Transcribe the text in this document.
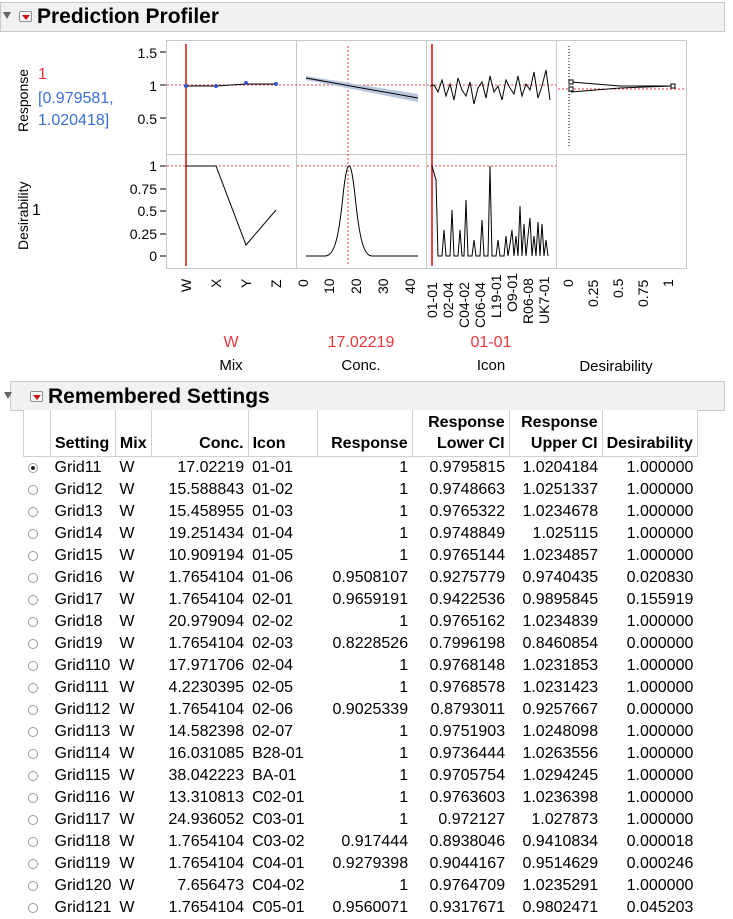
Prediction Profiler
Response 1
[0.979581,
1.020418]
Desirability 1
1.5
1
0.5
1
0.75
0.5
0.25
0
W X Y Z 0 10 20 30 40 01-01 02-04 C04-02 C06-04 L19-01 O9-01 R06-08 UK7-01 0 0.25 0.5 0.75 1
W
Mix
17.02219
Conc.
01-01
Icon	Desirability
Remembered Settings
	Setting	Mix	Conc.	Icon	Response	Response Lower CI	Response Upper CI	Desirability
	Grid11	W	17.02219	01-01	1	0.9795815	1.0204184	1.000000
	Grid12	W	15.588843	01-02	1	0.9748663	1.0251337	1.000000
	Grid13	W	15.458955	01-03	1	0.9765322	1.0234678	1.000000
	Grid14	W	19.251434	01-04	1	0.9748849	1.025115	1.000000
	Grid15	W	10.909194	01-05	1	0.9765144	1.0234857	1.000000
	Grid16	W	1.7654104	01-06	0.9508107	0.9275779	0.9740435	0.020830
	Grid17	W	1.7654104	02-01	0.9659191	0.9422536	0.9895845	0.155919
	Grid18	W	20.979094	02-02	1	0.9765162	1.0234839	1.000000
	Grid19	W	1.7654104	02-03	0.8228526	0.7996198	0.8460854	0.000000
	Grid110	W	17.971706	02-04	1	0.9768148	1.0231853	1.000000
	Grid111	W	4.2230395	02-05	1	0.9768578	1.0231423	1.000000
	Grid112	W	1.7654104	02-06	0.9025339	0.8793011	0.9257667	0.000000
	Grid113	W	14.582398	02-07	1	0.9751903	1.0248098	1.000000
	Grid114	W	16.031085	B28-01	1	0.9736444	1.0263556	1.000000
	Grid115	W	38.042223	BA-01	1	0.9705754	1.0294245	1.000000
	Grid116	W	13.310813	C02-01	1	0.9763603	1.0236398	1.000000
	Grid117	W	24.936052	C03-01	1	0.972127	1.027873	1.000000
	Grid118	W	1.7654104	C03-02	0.917444	0.8938046	0.9410834	0.000018
	Grid119	W	1.7654104	C04-01	0.9279398	0.9044167	0.9514629	0.000246
	Grid120	W	7.656473	C04-02	1	0.9764709	1.0235291	1.000000
	Grid121	W	1.7654104	C05-01	0.9560071	0.9317671	0.9802471	0.045203
